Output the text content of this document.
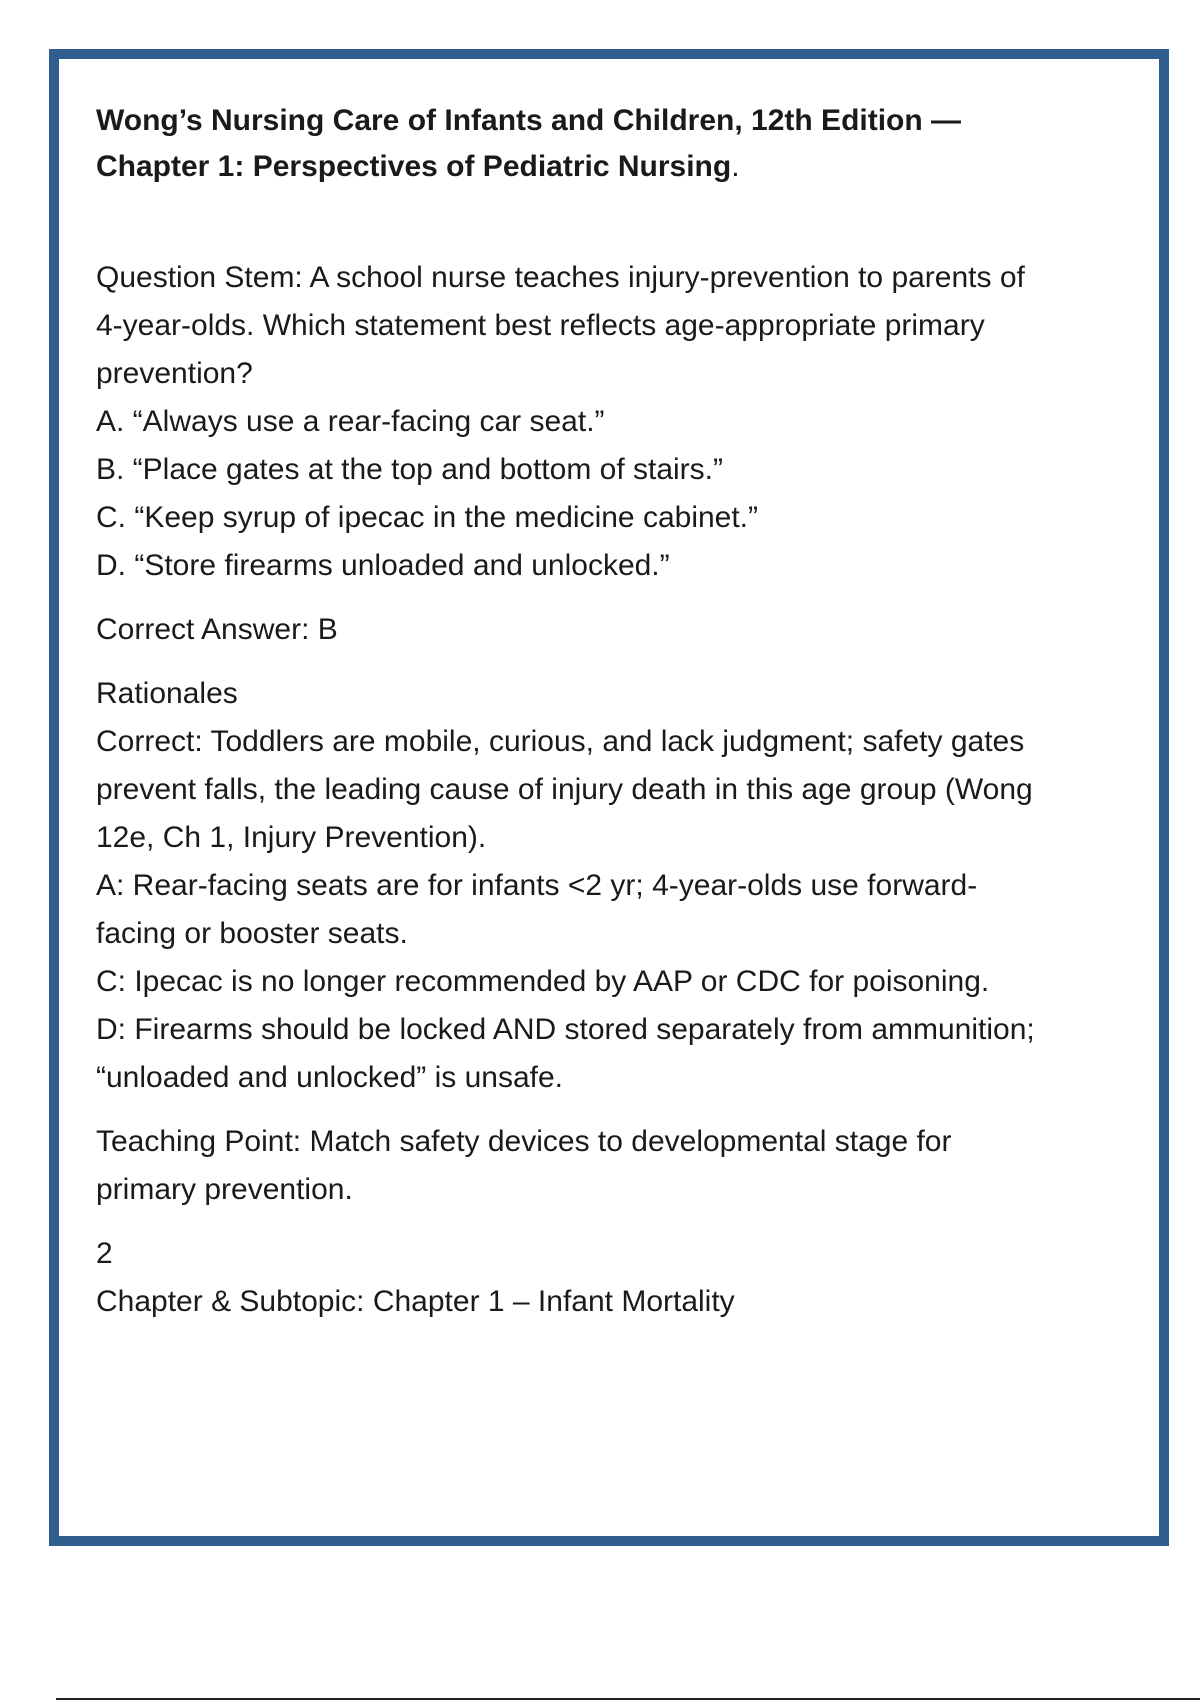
Wong’s Nursing Care of Infants and Children, 12th Edition —
Chapter 1: Perspectives of Pediatric Nursing.

Question Stem: A school nurse teaches injury-prevention to parents of 4-year-olds. Which statement best reflects age-appropriate primary prevention?

A. “Always use a rear-facing car seat.”

B. “Place gates at the top and bottom of stairs.”

C. “Keep syrup of ipecac in the medicine cabinet.”

D. “Store firearms unloaded and unlocked.”

Correct Answer: B

Rationales

Correct: Toddlers are mobile, curious, and lack judgment; safety gates prevent falls, the leading cause of injury death in this age group (Wong 12e, Ch 1, Injury Prevention).

A: Rear-facing seats are for infants <2 yr; 4-year-olds use forward-facing or booster seats.

C: Ipecac is no longer recommended by AAP or CDC for poisoning.

D: Firearms should be locked AND stored separately from ammunition; “unloaded and unlocked” is unsafe.

Teaching Point: Match safety devices to developmental stage for primary prevention.

2

Chapter & Subtopic: Chapter 1 – Infant Mortality
